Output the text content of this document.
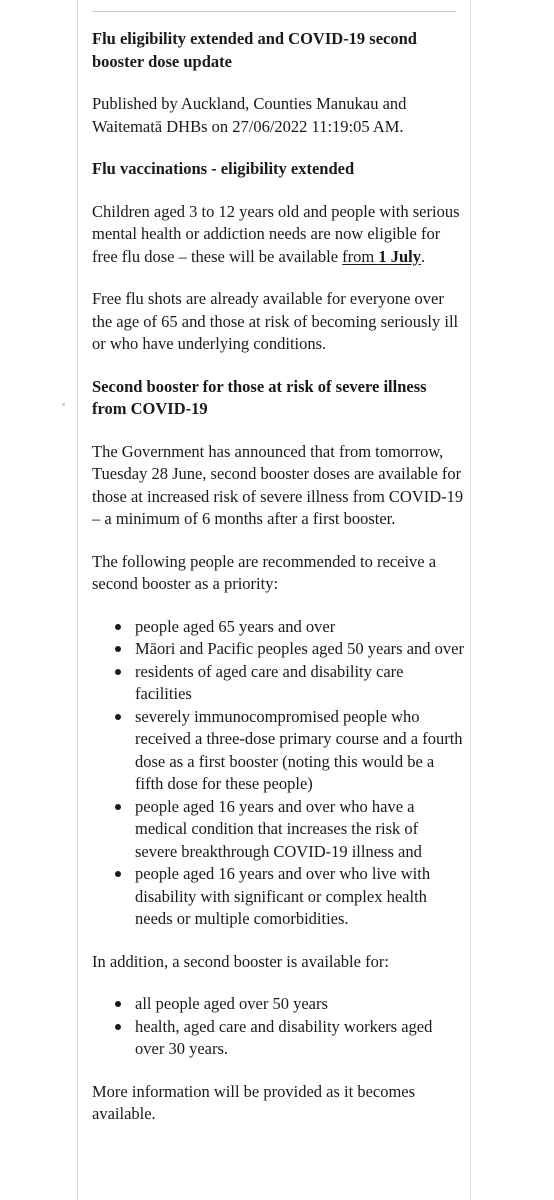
Flu eligibility extended and COVID-19 second booster dose update

Published by Auckland, Counties Manukau and Waitematā DHBs on 27/06/2022 11:19:05 AM.

Flu vaccinations - eligibility extended

Children aged 3 to 12 years old and people with serious mental health or addiction needs are now eligible for free flu dose – these will be available from 1 July.

Free flu shots are already available for everyone over the age of 65 and those at risk of becoming seriously ill or who have underlying conditions.

Second booster for those at risk of severe illness from COVID-19

The Government has announced that from tomorrow, Tuesday 28 June, second booster doses are available for those at increased risk of severe illness from COVID-19 – a minimum of 6 months after a first booster.

The following people are recommended to receive a second booster as a priority:

people aged 65 years and over
Māori and Pacific peoples aged 50 years and over
residents of aged care and disability care facilities
severely immunocompromised people who received a three-dose primary course and a fourth dose as a first booster (noting this would be a fifth dose for these people)
people aged 16 years and over who have a medical condition that increases the risk of severe breakthrough COVID-19 illness and
people aged 16 years and over who live with disability with significant or complex health needs or multiple comorbidities.

In addition, a second booster is available for:

all people aged over 50 years
health, aged care and disability workers aged over 30 years.

More information will be provided as it becomes available.
